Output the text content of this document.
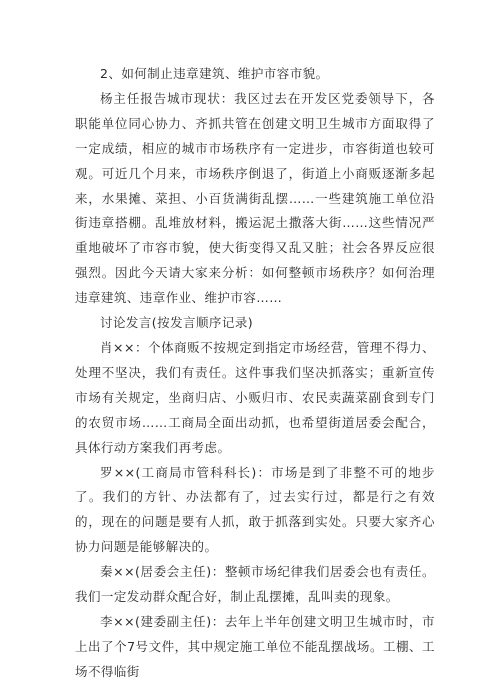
2、如何制止违章建筑、维护市容市貌。

杨主任报告城市现状：我区过去在开发区党委领导下，各职能单位同心协力、齐抓共管在创建文明卫生城市方面取得了一定成绩，相应的城市市场秩序有一定进步，市容街道也较可观。可近几个月来，市场秩序倒退了，街道上小商贩逐渐多起来，水果摊、菜担、小百货满街乱摆……一些建筑施工单位沿街违章搭棚。乱堆放材料，搬运泥土撒落大街……这些情况严重地破坏了市容市貌，使大街变得又乱又脏；社会各界反应很强烈。因此今天请大家来分析：如何整顿市场秩序？如何治理违章建筑、违章作业、维护市容……

讨论发言(按发言顺序记录)

肖××：个体商贩不按规定到指定市场经营，管理不得力、处理不坚决，我们有责任。这件事我们坚决抓落实；重新宣传市场有关规定，坐商归店、小贩归市、农民卖蔬菜副食到专门的农贸市场……工商局全面出动抓，也希望街道居委会配合，具体行动方案我们再考虑。

罗××(工商局市管科科长)：市场是到了非整不可的地步了。我们的方针、办法都有了，过去实行过，都是行之有效的，现在的问题是要有人抓，敢于抓落到实处。只要大家齐心协力问题是能够解决的。

秦××(居委会主任)：整顿市场纪律我们居委会也有责任。我们一定发动群众配合好，制止乱摆摊，乱叫卖的现象。

李××(建委副主任)：去年上半年创建文明卫生城市时，市上出了个7号文件，其中规定施工单位不能乱摆战场。工棚、工场不得临街
